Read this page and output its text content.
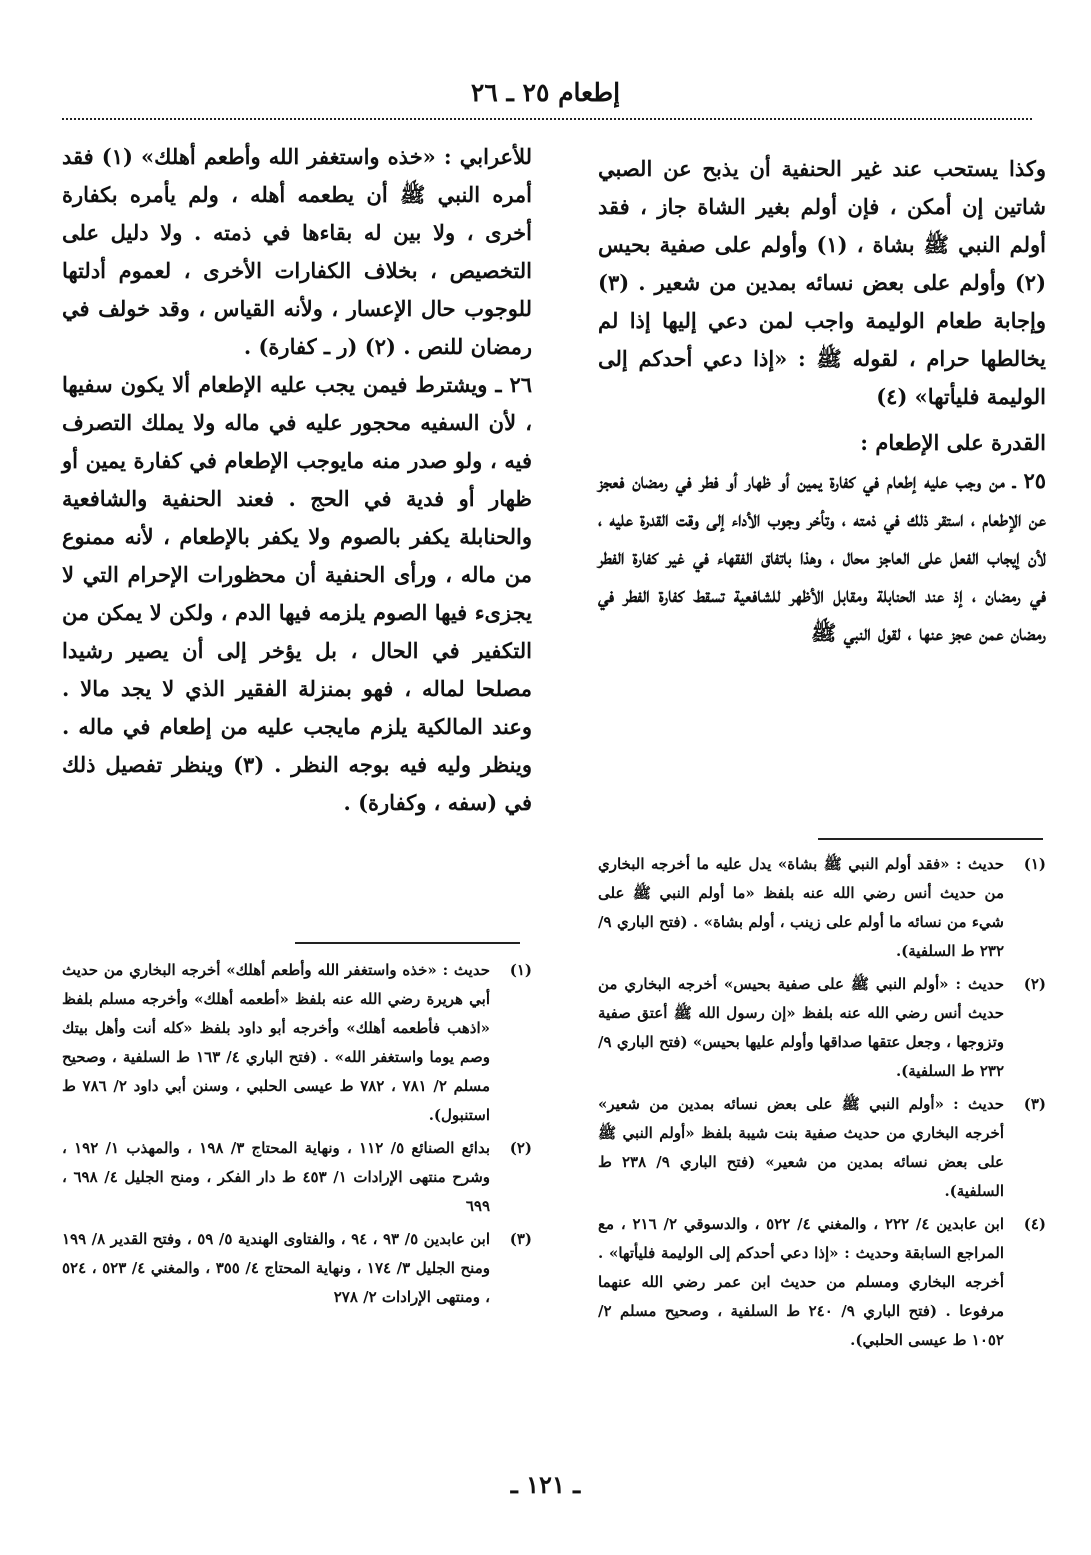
إطعام ٢٥ ـ ٢٦

وكذا يستحب عند غير الحنفية أن يذبح عن الصبي شاتين إن أمكن ، فإن أولم بغير الشاة جاز ، فقد أولم النبي ﷺ بشاة ، (١) وأولم على صفية بحيس (٢) وأولم على بعض نسائه بمدين من شعير . (٣) وإجابة طعام الوليمة واجب لمن دعي إليها إذا لم يخالطها حرام ، لقوله ﷺ : «إذا دعي أحدكم إلى الوليمة فليأتها» (٤)

القدرة على الإطعام :

٢٥ ـ من وجب عليه إطعام في كفارة يمين أو ظهار أو فطر في رمضان فعجز عن الإطعام ، استقر ذلك في ذمته ، وتأخر وجوب الأداء إلى وقت القدرة عليه ، لأن إيجاب الفعل على العاجز محال ، وهذا باتفاق الفقهاء في غير كفارة الفطر في رمضان ، إذ عند الحنابلة ومقابل الأظهر للشافعية تسقط كفارة الفطر في رمضان عمن عجز عنها ، لقول النبي ﷺ

للأعرابي : «خذه واستغفر الله وأطعم أهلك» (١) فقد أمره النبي ﷺ أن يطعمه أهله ، ولم يأمره بكفارة أخرى ، ولا بين له بقاءها في ذمته . ولا دليل على التخصيص ، بخلاف الكفارات الأخرى ، لعموم أدلتها للوجوب حال الإعسار ، ولأنه القياس ، وقد خولف في رمضان للنص . (٢) (ر ـ كفارة) .

٢٦ ـ ويشترط فيمن يجب عليه الإطعام ألا يكون سفيها ، لأن السفيه محجور عليه في ماله ولا يملك التصرف فيه ، ولو صدر منه مايوجب الإطعام في كفارة يمين أو ظهار أو فدية في الحج . فعند الحنفية والشافعية والحنابلة يكفر بالصوم ولا يكفر بالإطعام ، لأنه ممنوع من ماله ، ورأى الحنفية أن محظورات الإحرام التي لا يجزىء فيها الصوم يلزمه فيها الدم ، ولكن لا يمكن من التكفير في الحال ، بل يؤخر إلى أن يصير رشيدا مصلحا لماله ، فهو بمنزلة الفقير الذي لا يجد مالا . وعند المالكية يلزم مايجب عليه من إطعام في ماله . وينظر وليه فيه بوجه النظر . (٣) وينظر تفصيل ذلك في (سفه ، وكفارة) .

(١)
حديث : «فقد أولم النبي ﷺ بشاة» يدل عليه ما أخرجه البخاري من حديث أنس رضي الله عنه بلفظ «ما أولم النبي ﷺ على شيء من نسائه ما أولم على زينب ، أولم بشاة» . (فتح الباري ٩/ ٢٣٢ ط السلفية).
(٢)
حديث : «أولم النبي ﷺ على صفية بحيس» أخرجه البخاري من حديث أنس رضي الله عنه بلفظ «إن رسول الله ﷺ أعتق صفية وتزوجها ، وجعل عتقها صداقها وأولم عليها بحيس» (فتح الباري ٩/ ٢٣٢ ط السلفية).
(٣)
حديث : «أولم النبي ﷺ على بعض نسائه بمدين من شعير» أخرجه البخاري من حديث صفية بنت شيبة بلفظ «أولم النبي ﷺ على بعض نسائه بمدين من شعير» (فتح الباري ٩/ ٢٣٨ ط السلفية).
(٤)
ابن عابدين ٤/ ٢٢٢ ، والمغني ٤/ ٥٢٢ ، والدسوقي ٢/ ٢١٦ ، مع المراجع السابقة وحديث : «إذا دعي أحدكم إلى الوليمة فليأتها» . أخرجه البخاري ومسلم من حديث ابن عمر رضي الله عنهما مرفوعا . (فتح الباري ٩/ ٢٤٠ ط السلفية ، وصحيح مسلم ٢/ ١٠٥٢ ط عيسى الحلبي).
(١)
حديث : «خذه واستغفر الله وأطعم أهلك» أخرجه البخاري من حديث أبي هريرة رضي الله عنه بلفظ «أطعمه أهلك» وأخرجه مسلم بلفظ «اذهب فأطعمه أهلك» وأخرجه أبو داود بلفظ «كله أنت وأهل بيتك وصم يوما واستغفر الله» . (فتح الباري ٤/ ١٦٣ ط السلفية ، وصحيح مسلم ٢/ ٧٨١ ، ٧٨٢ ط عيسى الحلبي ، وسنن أبي داود ٢/ ٧٨٦ ط استنبول).
(٢)
بدائع الصنائع ٥/ ١١٢ ، ونهاية المحتاج ٣/ ١٩٨ ، والمهذب ١/ ١٩٢ ، وشرح منتهى الإرادات ١/ ٤٥٣ ط دار الفكر ، ومنح الجليل ٤/ ٦٩٨ ، ٦٩٩
(٣)
ابن عابدين ٥/ ٩٣ ، ٩٤ ، والفتاوى الهندية ٥/ ٥٩ ، وفتح القدير ٨/ ١٩٩ ومنح الجليل ٣/ ١٧٤ ، ونهاية المحتاج ٤/ ٣٥٥ ، والمغني ٤/ ٥٢٣ ، ٥٢٤ ، ومنتهى الإرادات ٢/ ٢٧٨
ـ ١٢١ ـ
